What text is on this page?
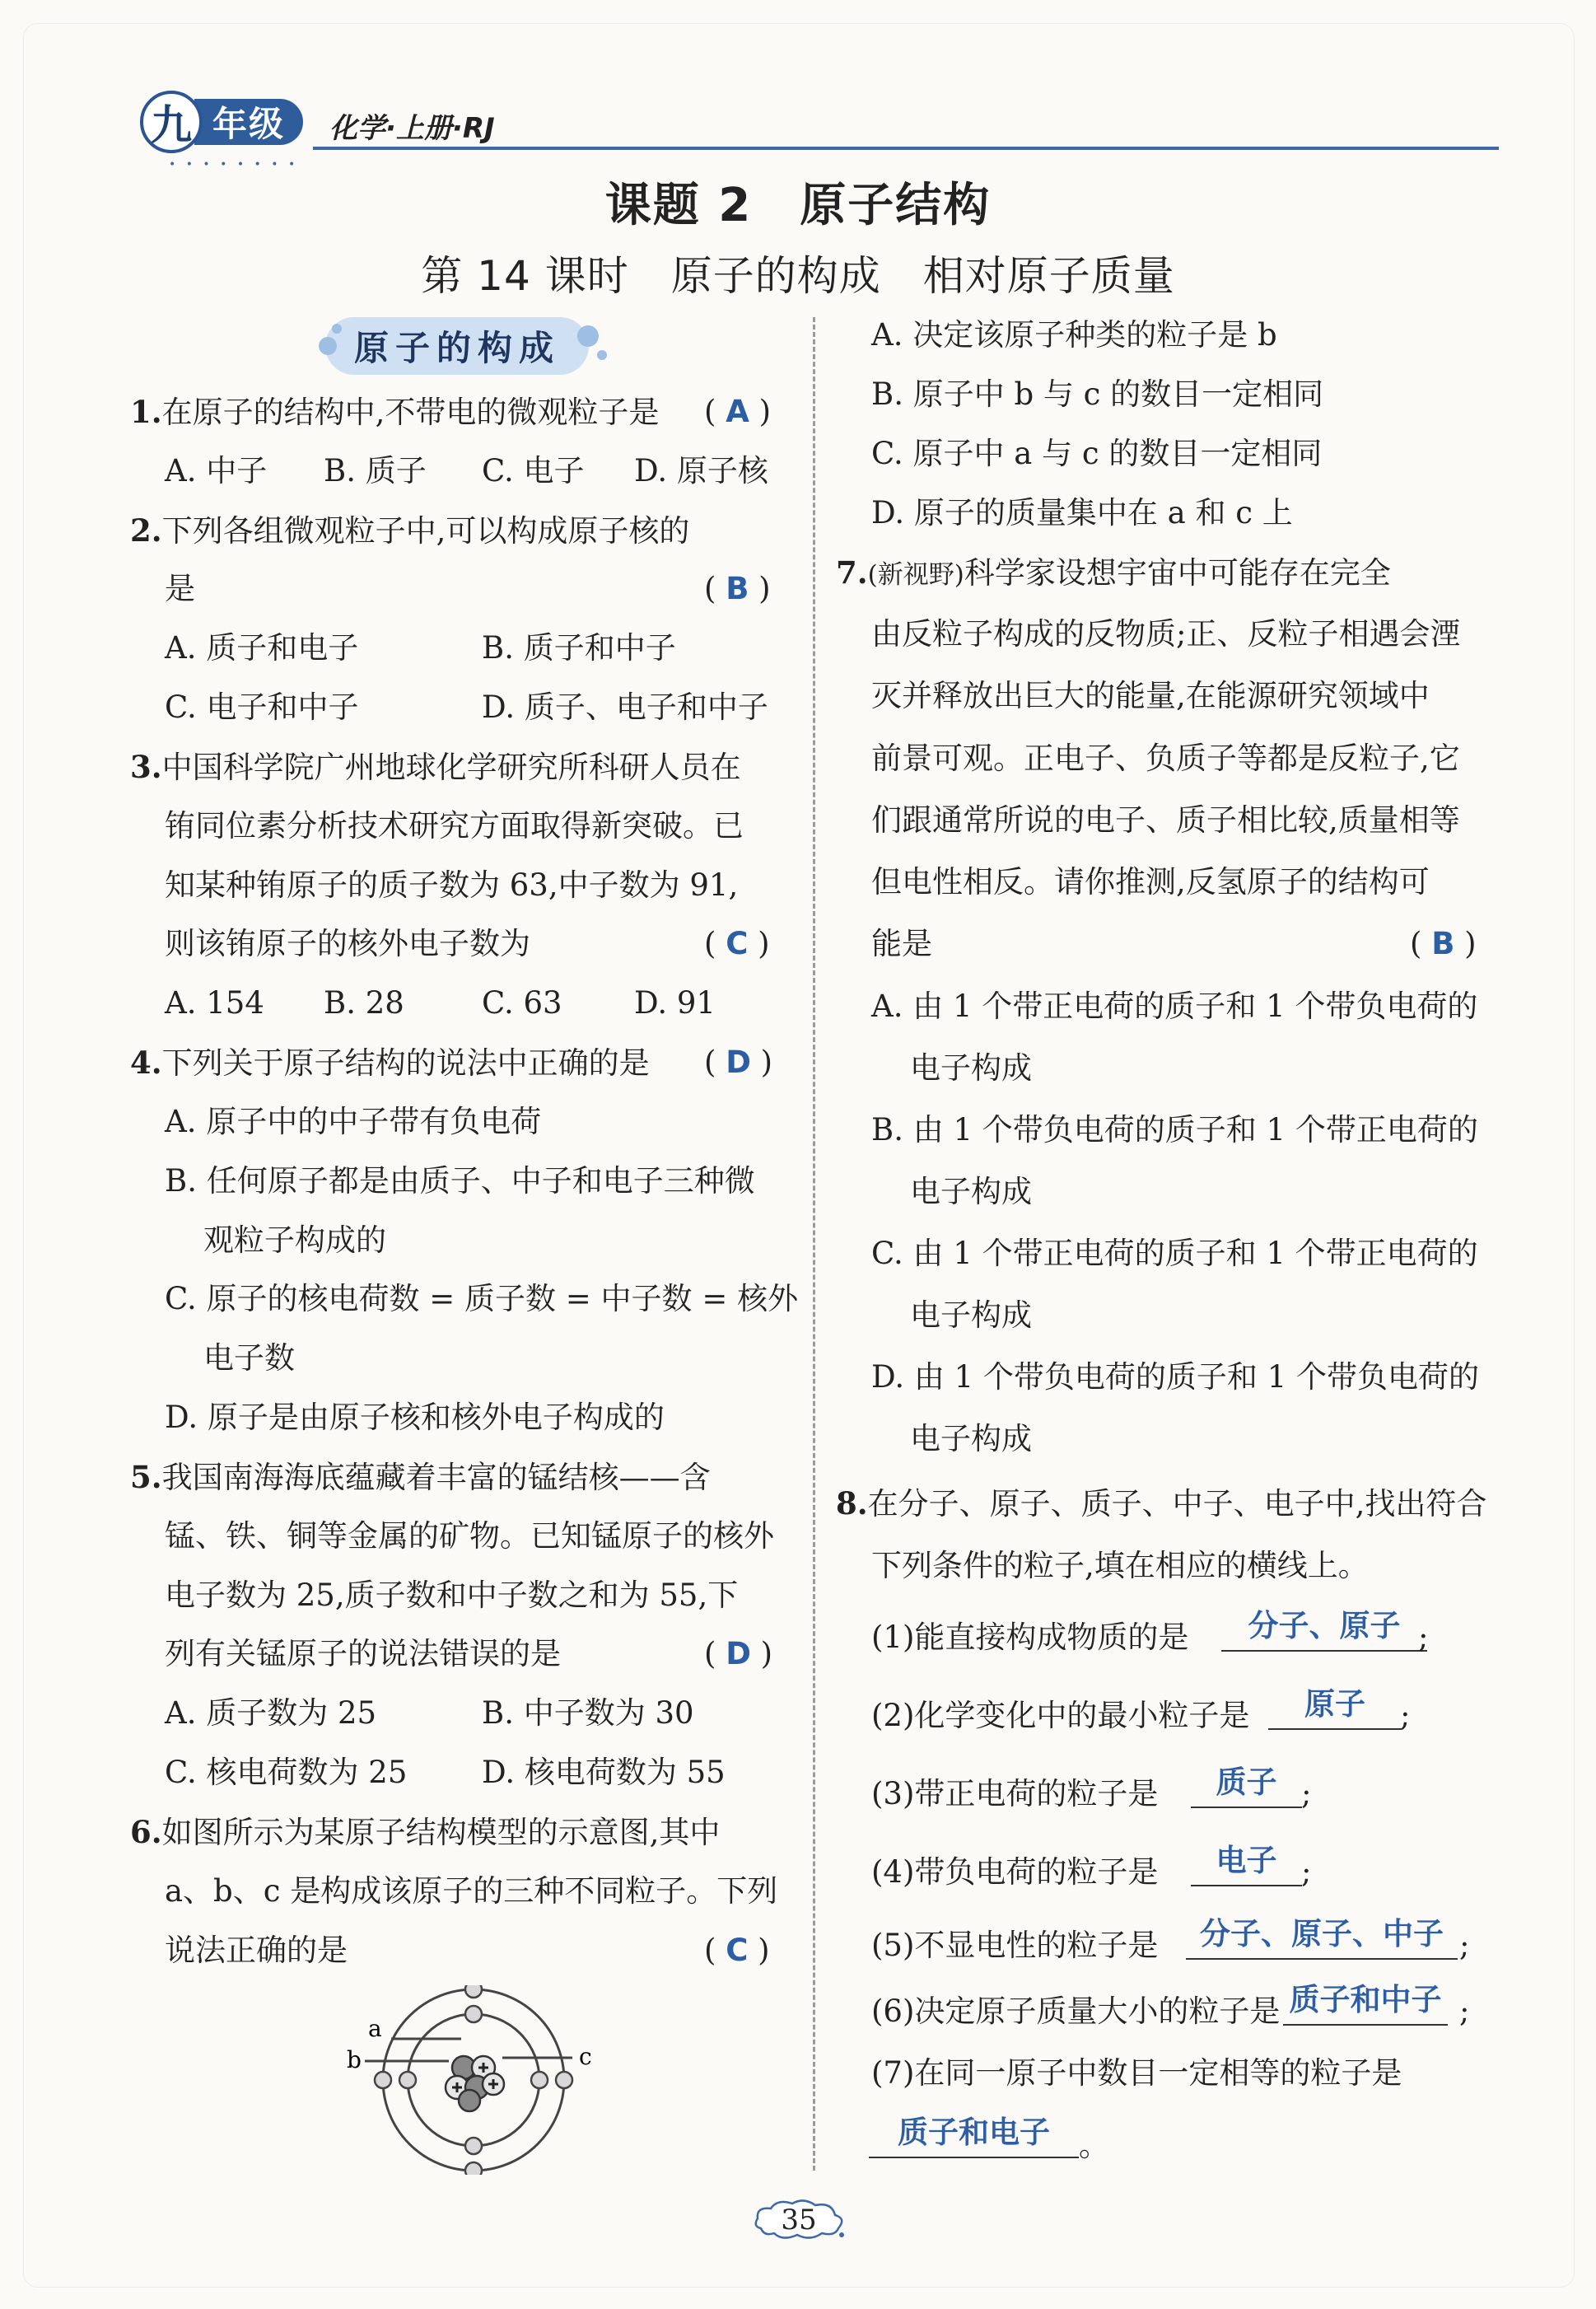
九 年级	化学·上册·RJ
• • • • • • • •
课题 2　原子结构
第 14 课时　原子的构成　相对原子质量
原子的构成
1.在原子的结构中,不带电的微观粒子是 ( A )
A. 中子 B. 质子 C. 电子 D. 原子核
2.下列各组微观粒子中,可以构成原子核的
是	( B )
A. 质子和电子	B. 质子和中子
C. 电子和中子	D. 质子、电子和中子
3.中国科学院广州地球化学研究所科研人员在
铕同位素分析技术研究方面取得新突破。已
知某种铕原子的质子数为 63,中子数为 91,
则该铕原子的核外电子数为	( C )
A. 154 B. 28	C. 63 D. 91
4.下列关于原子结构的说法中正确的是 ( D )
A. 原子中的中子带有负电荷
B. 任何原子都是由质子、中子和电子三种微
观粒子构成的
C. 原子的核电荷数 = 质子数 = 中子数 = 核外
电子数
D. 原子是由原子核和核外电子构成的
5.我国南海海底蕴藏着丰富的锰结核——含
锰、铁、铜等金属的矿物。已知锰原子的核外
电子数为 25,质子数和中子数之和为 55,下
列有关锰原子的说法错误的是	( D )
A. 质子数为 25	B. 中子数为 30
C. 核电荷数为 25 D. 核电荷数为 55
6.如图所示为某原子结构模型的示意图,其中
a、b、c 是构成该原子的三种不同粒子。下列
说法正确的是	( C )
a
b	c
A. 决定该原子种类的粒子是 b
B. 原子中 b 与 c 的数目一定相同
C. 原子中 a 与 c 的数目一定相同
D. 原子的质量集中在 a 和 c 上
7.(新视野)科学家设想宇宙中可能存在完全
由反粒子构成的反物质;正、反粒子相遇会湮
灭并释放出巨大的能量,在能源研究领域中
前景可观。正电子、负质子等都是反粒子,它
们跟通常所说的电子、质子相比较,质量相等
但电性相反。请你推测,反氢原子的结构可
能是	( B )
A. 由 1 个带正电荷的质子和 1 个带负电荷的
电子构成
B. 由 1 个带负电荷的质子和 1 个带正电荷的
电子构成
C. 由 1 个带正电荷的质子和 1 个带正电荷的
电子构成
D. 由 1 个带负电荷的质子和 1 个带负电荷的
电子构成
8.在分子、原子、质子、中子、电子中,找出符合
下列条件的粒子,填在相应的横线上。
(1)能直接构成物质的是	分子、原子 ;
(2)化学变化中的最小粒子是	原子	;
(3)带正电荷的粒子是	质子 ;
(4)带负电荷的粒子是	电子 ;
(5)不显电性的粒子是	分子、原子、中子 ;
(6)决定原子质量大小的粒子是 质子和中子 ;
(7)在同一原子中数目一定相等的粒子是
质子和电子 。
35
